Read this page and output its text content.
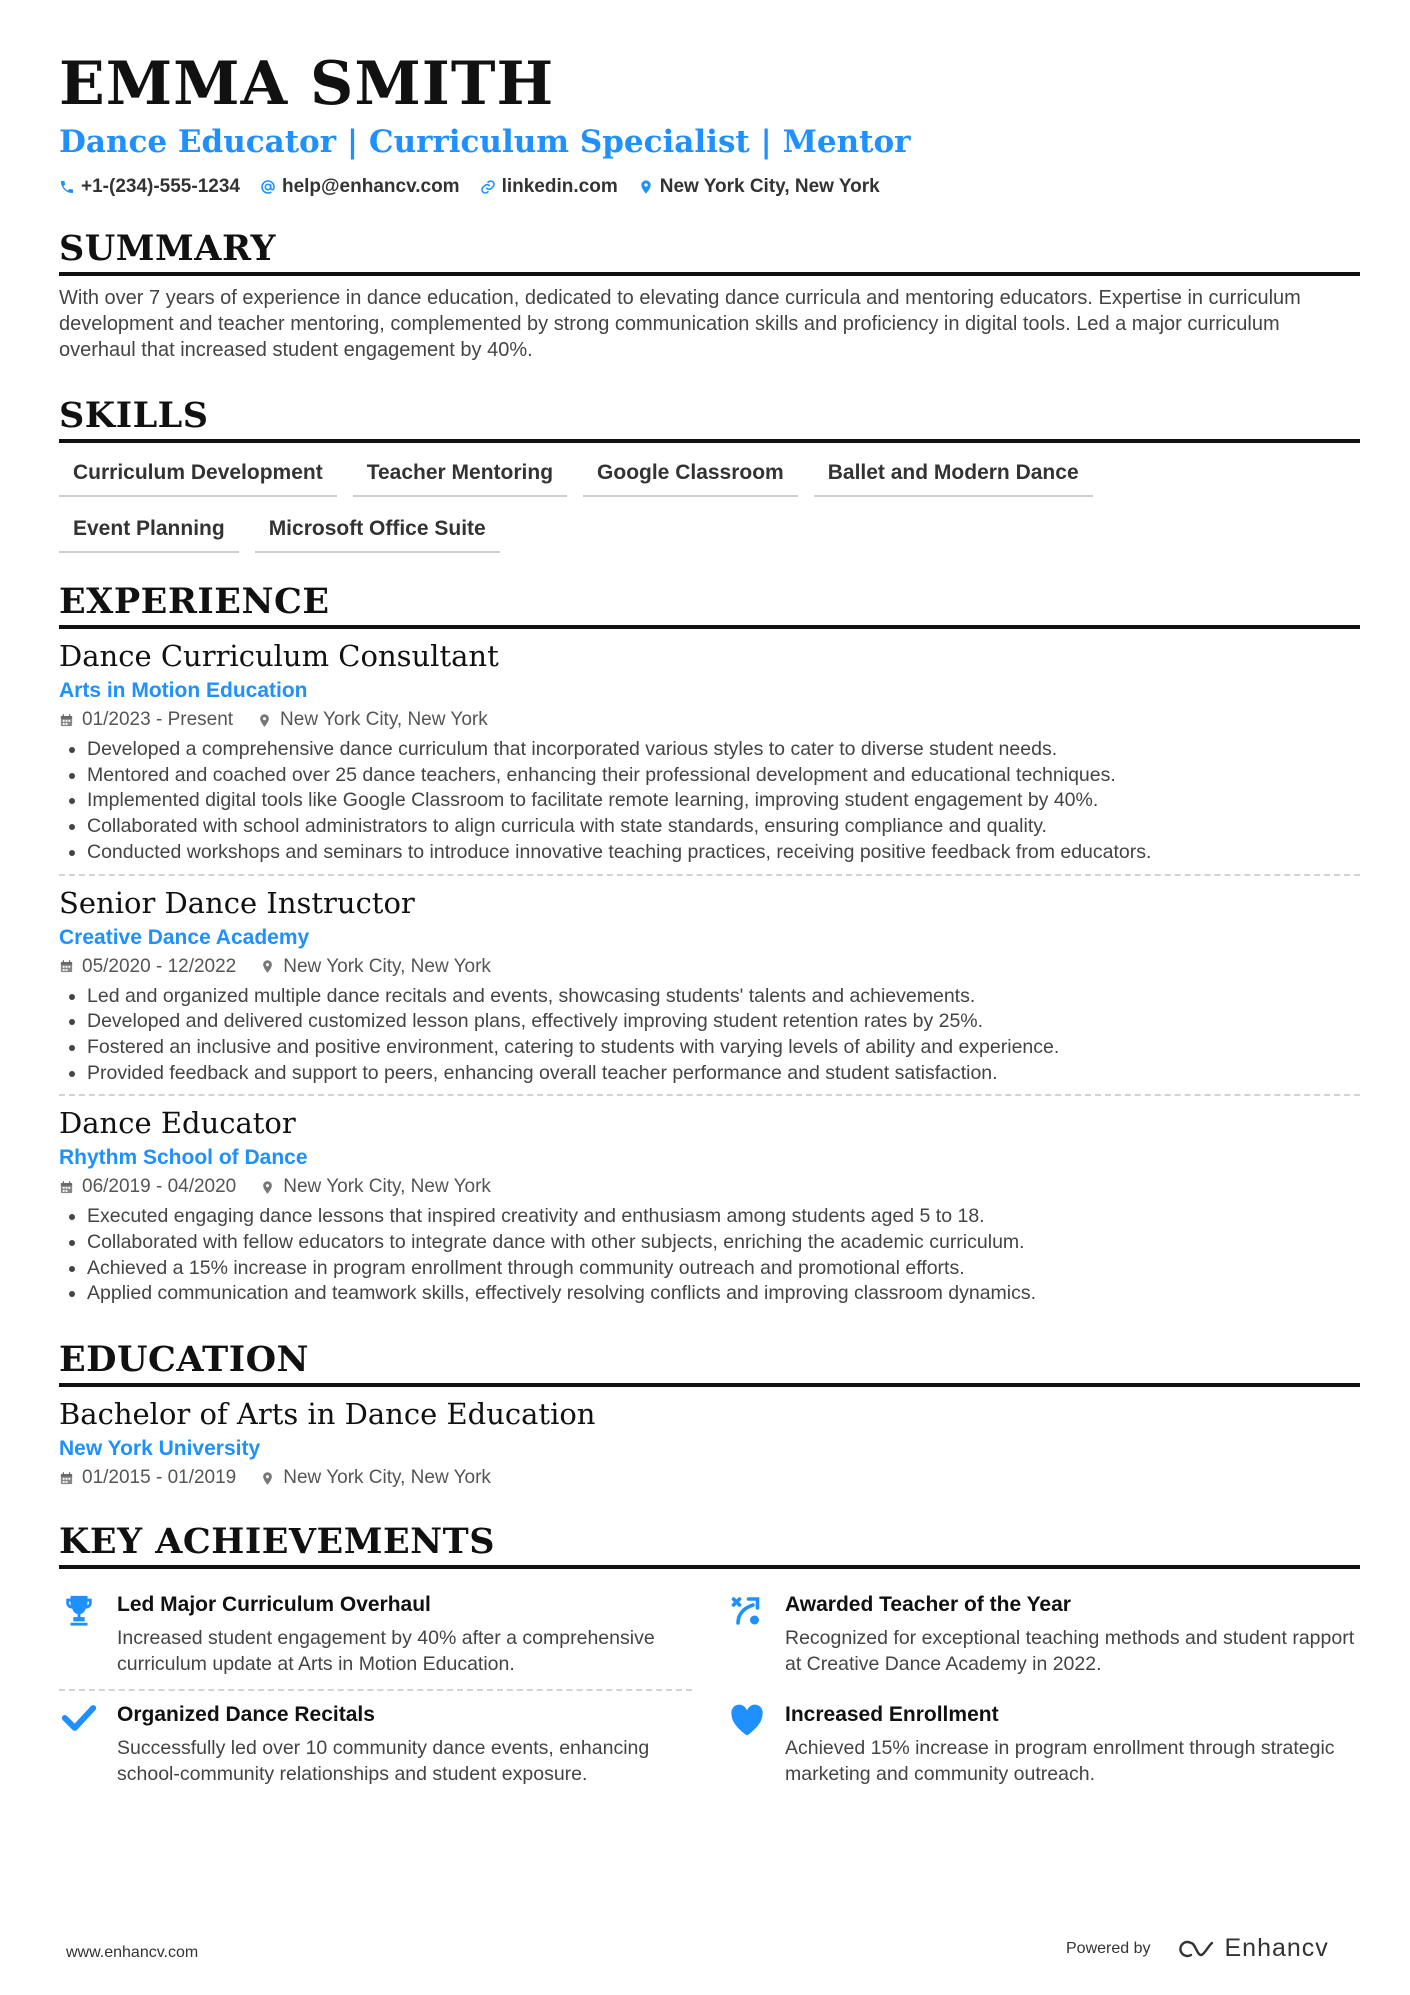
EMMA SMITH
Dance Educator | Curriculum Specialist | Mentor
+1-(234)-555-1234 help@enhancv.com linkedin.com New York City, New York
SUMMARY
With over 7 years of experience in dance education, dedicated to elevating dance curricula and mentoring educators. Expertise in curriculum development and teacher mentoring, complemented by strong communication skills and proficiency in digital tools. Led a major curriculum overhaul that increased student engagement by 40%.
SKILLS
Curriculum Development	Teacher Mentoring	Google Classroom	Ballet and Modern Dance
Event Planning	Microsoft Office Suite
EXPERIENCE
Dance Curriculum Consultant
Arts in Motion Education
01/2023 - Present New York City, New York
• Developed a comprehensive dance curriculum that incorporated various styles to cater to diverse student needs.
• Mentored and coached over 25 dance teachers, enhancing their professional development and educational techniques.
• Implemented digital tools like Google Classroom to facilitate remote learning, improving student engagement by 40%.
• Collaborated with school administrators to align curricula with state standards, ensuring compliance and quality.
• Conducted workshops and seminars to introduce innovative teaching practices, receiving positive feedback from educators.
Senior Dance Instructor
Creative Dance Academy
05/2020 - 12/2022 New York City, New York
• Led and organized multiple dance recitals and events, showcasing students' talents and achievements.
• Developed and delivered customized lesson plans, effectively improving student retention rates by 25%.
• Fostered an inclusive and positive environment, catering to students with varying levels of ability and experience.
• Provided feedback and support to peers, enhancing overall teacher performance and student satisfaction.
Dance Educator
Rhythm School of Dance
06/2019 - 04/2020 New York City, New York
• Executed engaging dance lessons that inspired creativity and enthusiasm among students aged 5 to 18.
• Collaborated with fellow educators to integrate dance with other subjects, enriching the academic curriculum.
• Achieved a 15% increase in program enrollment through community outreach and promotional efforts.
• Applied communication and teamwork skills, effectively resolving conflicts and improving classroom dynamics.
EDUCATION
Bachelor of Arts in Dance Education
New York University
01/2015 - 01/2019 New York City, New York
KEY ACHIEVEMENTS
Led Major Curriculum Overhaul
Increased student engagement by 40% after a comprehensive curriculum update at Arts in Motion Education.
Awarded Teacher of the Year
Recognized for exceptional teaching methods and student rapport at Creative Dance Academy in 2022.
Organized Dance Recitals
Successfully led over 10 community dance events, enhancing school-community relationships and student exposure.
Increased Enrollment
Achieved 15% increase in program enrollment through strategic marketing and community outreach.
www.enhancv.com	Powered by	Enhancv
